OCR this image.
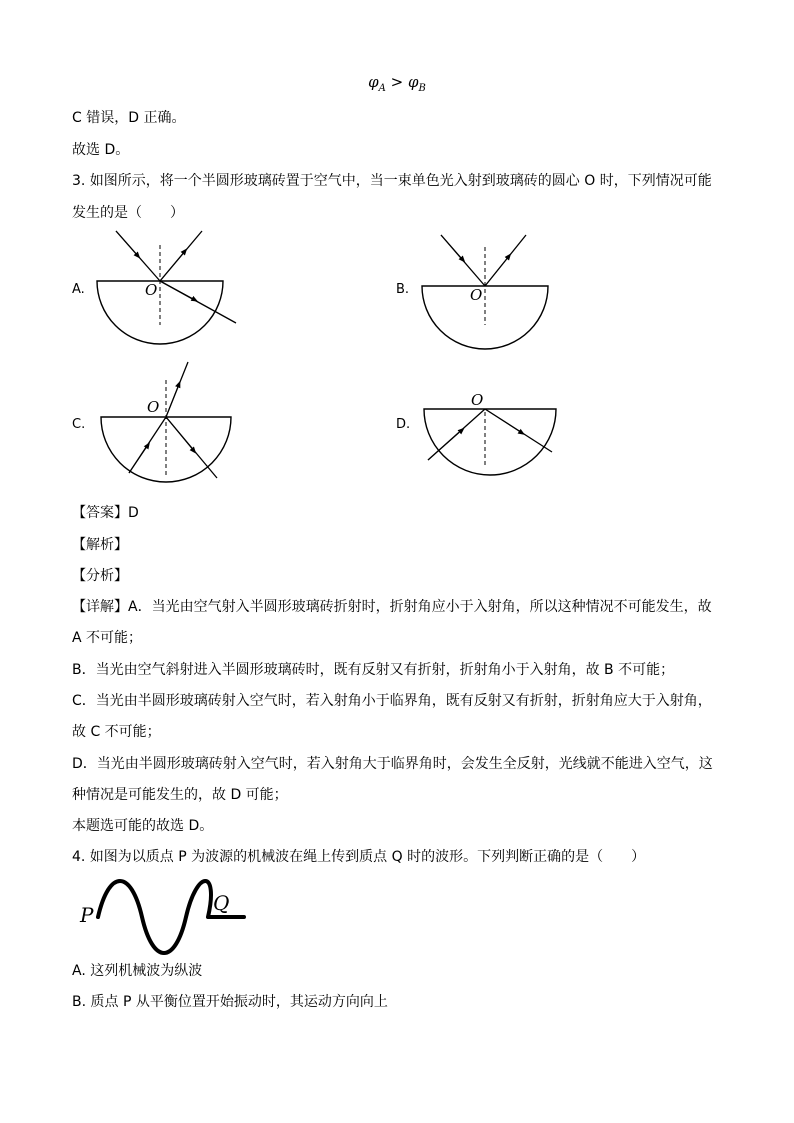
$\varphi_A > \varphi_B$
C 错误，D 正确。
故选 D。
3. 如图所示，将一个半圆形玻璃砖置于空气中，当一束单色光入射到玻璃砖的圆心 O 时，下列情况可能
发生的是（　　）
A.	O	B.	O
C.
O
D.
O
【答案】D
【解析】
【分析】
【详解】A．当光由空气射入半圆形玻璃砖折射时，折射角应小于入射角，所以这种情况不可能发生，故
A 不可能；
B．当光由空气斜射进入半圆形玻璃砖时，既有反射又有折射，折射角小于入射角，故 B 不可能；
C．当光由半圆形玻璃砖射入空气时，若入射角小于临界角，既有反射又有折射，折射角应大于入射角，
故 C 不可能；
D．当光由半圆形玻璃砖射入空气时，若入射角大于临界角时，会发生全反射，光线就不能进入空气，这
种情况是可能发生的，故 D 可能；
本题选可能的故选 D。
4. 如图为以质点 P 为波源的机械波在绳上传到质点 Q 时的波形。下列判断正确的是（　　）
P	Q
A. 这列机械波为纵波
B. 质点 P 从平衡位置开始振动时，其运动方向向上
